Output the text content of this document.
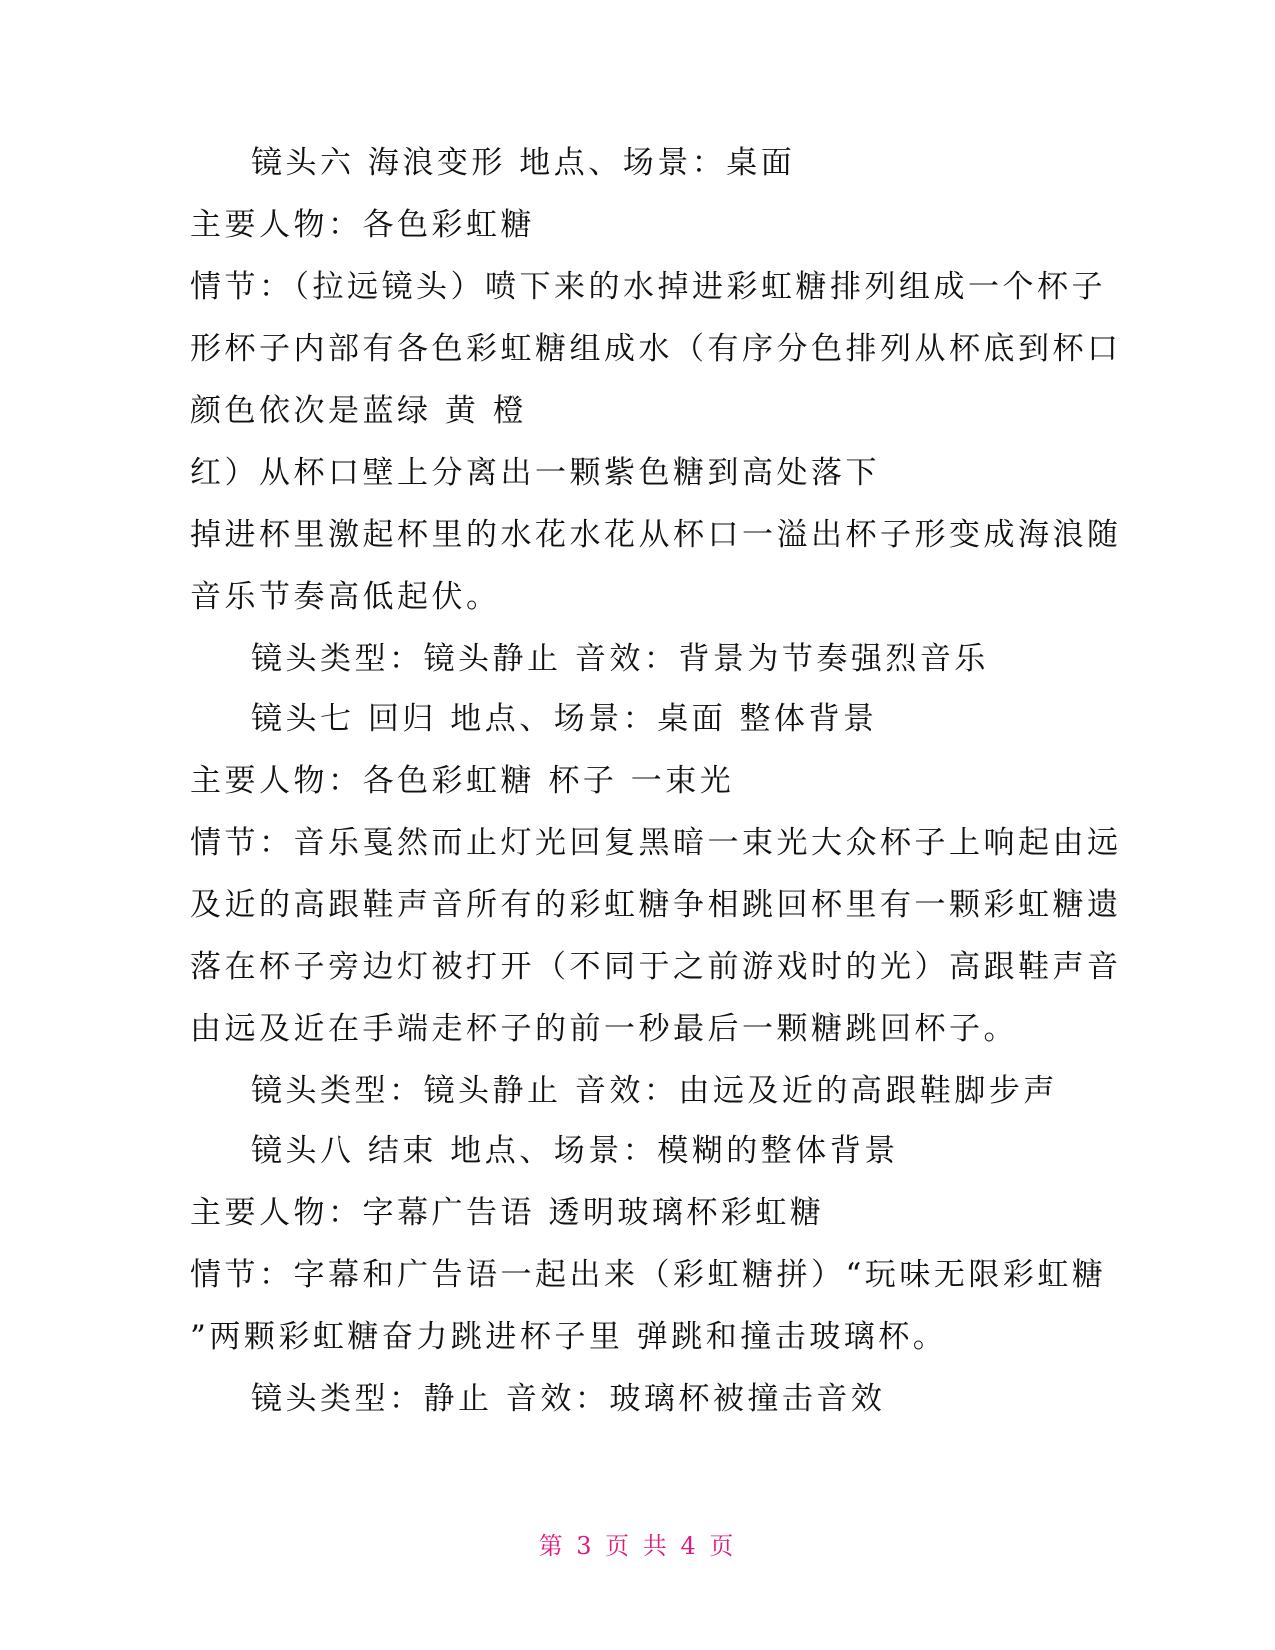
镜头六 海浪变形 地点、场景：桌面
主要人物：各色彩虹糖
情节：（拉远镜头）喷下来的水掉进彩虹糖排列组成一个杯子
形杯子内部有各色彩虹糖组成水（有序分色排列从杯底到杯口
颜色依次是蓝绿 黄 橙
红）从杯口壁上分离出一颗紫色糖到高处落下
掉进杯里激起杯里的水花水花从杯口一溢出杯子形变成海浪随
音乐节奏高低起伏。
镜头类型：镜头静止 音效：背景为节奏强烈音乐
镜头七 回归 地点、场景：桌面 整体背景
主要人物：各色彩虹糖 杯子 一束光
情节：音乐戛然而止灯光回复黑暗一束光大众杯子上响起由远
及近的高跟鞋声音所有的彩虹糖争相跳回杯里有一颗彩虹糖遗
落在杯子旁边灯被打开（不同于之前游戏时的光）高跟鞋声音
由远及近在手端走杯子的前一秒最后一颗糖跳回杯子。
镜头类型：镜头静止 音效：由远及近的高跟鞋脚步声
镜头八 结束 地点、场景：模糊的整体背景
主要人物：字幕广告语 透明玻璃杯彩虹糖
情节：字幕和广告语一起出来（彩虹糖拼）“玩味无限彩虹糖
”两颗彩虹糖奋力跳进杯子里 弹跳和撞击玻璃杯。
镜头类型：静止 音效：玻璃杯被撞击音效
第 3 页 共 4 页
